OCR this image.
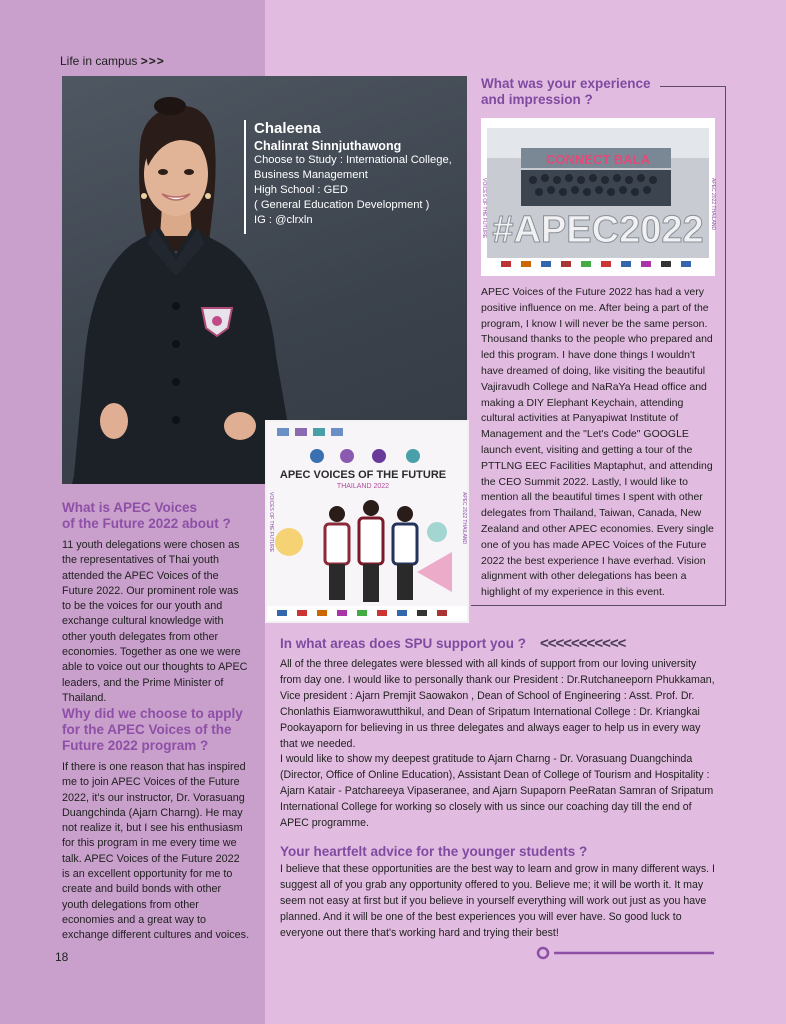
Life in campus >>>
Chaleena
Chalinrat Sinnjuthawong
Choose to Study : International College,
Business Management
High School : GED
( General Education Development )
IG : @clrxln
CONNECT BALA
#APEC2022
VOICES OF THE FUTURE	APEC 2022 THAILAND
APEC VOICES OF THE FUTURE
THAILAND 2022
VOICES OF THE FUTURE	APEC 2022 THAILAND
What was your experience
and impression ?
APEC Voices of the Future 2022 has had a very positive influence on me. After being a part of the program, I know I will never be the same person. Thousand thanks to the people who prepared and led this program. I have done things I wouldn't have dreamed of doing, like visiting the beautiful Vajiravudh College and NaRaYa Head office and making a DIY Elephant Keychain, attending cultural activities at Panyapiwat Institute of Management and the "Let's Code" GOOGLE launch event, visiting and getting a tour of the PTTLNG EEC Facilities Maptaphut, and attending the CEO Summit 2022. Lastly, I would like to mention all the beautiful times I spent with other delegates from Thailand, Taiwan, Canada, New Zealand and other APEC economies. Every single one of you has made APEC Voices of the Future 2022 the best experience I have everhad. Vision alignment with other delegations has been a highlight of my experience in this event.
What is APEC Voices
of the Future 2022 about ?
11 youth delegations were chosen as the representatives of Thai youth attended the APEC Voices of the Future 2022. Our prominent role was to be the voices for our youth and exchange cultural knowledge with other youth delegates from other economies. Together as one we were able to voice out our thoughts to APEC leaders, and the Prime Minister of Thailand.
Why did we choose to apply
for the APEC Voices of the
Future 2022 program ?
If there is one reason that has inspired me to join APEC Voices of the Future 2022, it's our instructor, Dr. Vorasuang Duangchinda (Ajarn Charng). He may not realize it, but I see his enthusiasm for this program in me every time we talk. APEC Voices of the Future 2022 is an excellent opportunity for me to create and build bonds with other youth delegations from other economies and a great way to exchange different cultures and voices.
In what areas does SPU support you ? <<<<<<<<<<<
All of the three delegates were blessed with all kinds of support from our loving university from day one. I would like to personally thank our President : Dr.Rutchaneeporn Phukkaman, Vice president : Ajarn Premjit Saowakon , Dean of School of Engineering : Asst. Prof. Dr. Chonlathis Eiamworawutthikul, and Dean of Sripatum International College : Dr. Kriangkai Pookayaporn for believing in us three delegates and always eager to help us in every way that we needed.
I would like to show my deepest gratitude to Ajarn Charng - Dr. Vorasuang Duangchinda (Director, Office of Online Education), Assistant Dean of College of Tourism and Hospitality : Ajarn Katair - Patchareeya Vipaseranee, and Ajarn Supaporn PeeRatan Samran of Sripatum International College for working so closely with us since our coaching day till the end of APEC programme.
Your heartfelt advice for the younger students ?
I believe that these opportunities are the best way to learn and grow in many different ways. I suggest all of you grab any opportunity offered to you. Believe me; it will be worth it. It may seem not easy at first but if you believe in yourself everything will work out just as you have planned. And it will be one of the best experiences you will ever have. So good luck to everyone out there that's working hard and trying their best!
18
